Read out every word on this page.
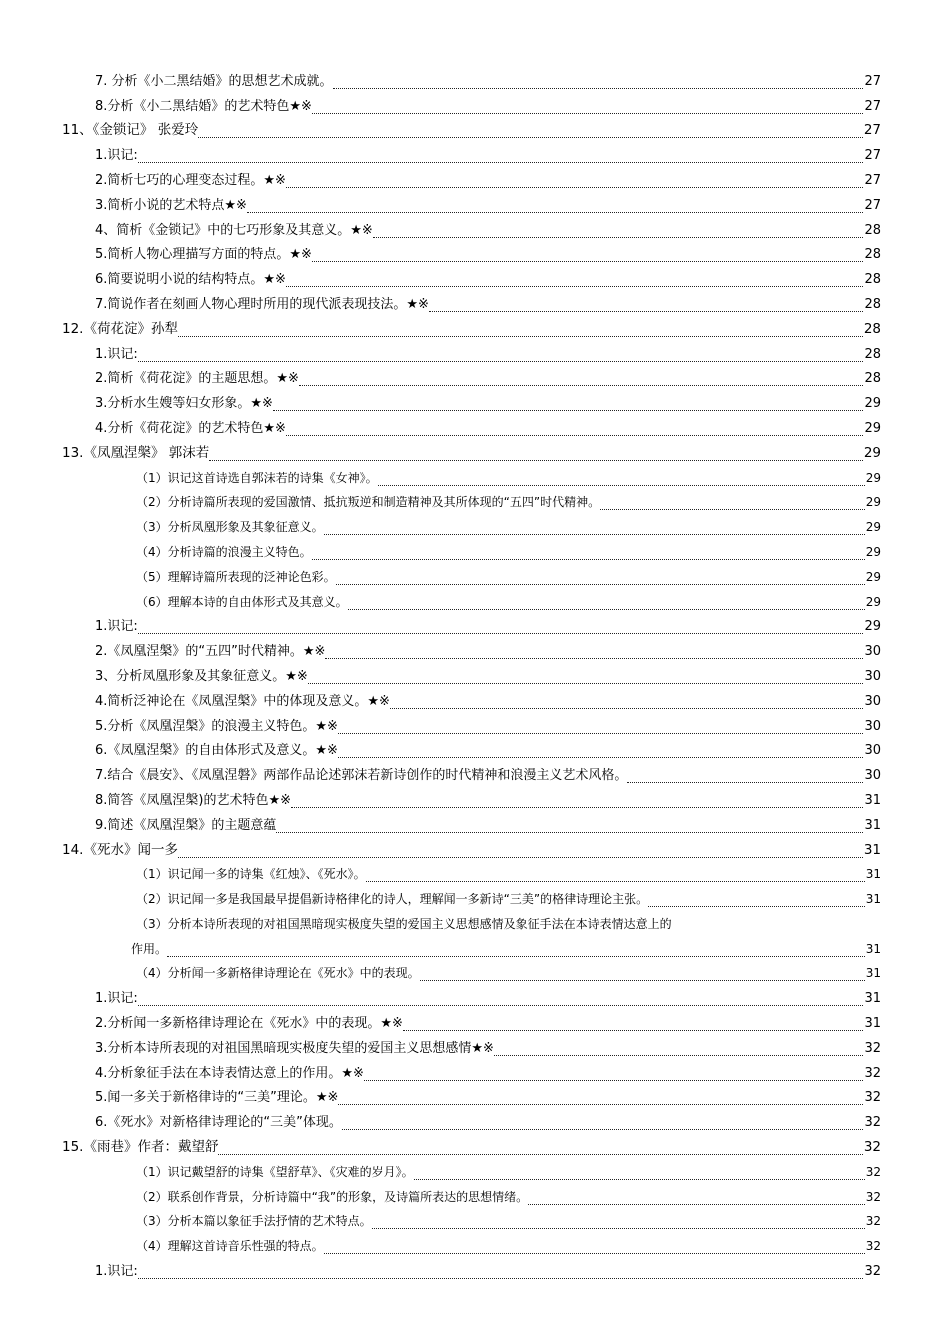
7. 分析《小二黑结婚》的思想艺术成就。	27
8.分析《小二黑结婚》的艺术特色★※	27
11、《金锁记》 张爱玲	27
1.识记:	27
2.简析七巧的心理变态过程。★※	27
3.简析小说的艺术特点★※	27
4、简析《金锁记》中的七巧形象及其意义。★※	28
5.简析人物心理描写方面的特点。★※	28
6.简要说明小说的结构特点。★※	28
7.简说作者在刻画人物心理时所用的现代派表现技法。★※	28
12.《荷花淀》孙犁	28
1.识记:	28
2.简析《荷花淀》的主题思想。★※	28
3.分析水生嫂等妇女形象。★※	29
4.分析《荷花淀》的艺术特色★※	29
13.《凤凰涅槃》 郭沫若	29
（1）识记这首诗选自郭沫若的诗集《女神》。	29
（2）分析诗篇所表现的爱国激情、抵抗叛逆和制造精神及其所体现的“五四”时代精神。	29
（3）分析凤凰形象及其象征意义。	29
（4）分析诗篇的浪漫主义特色。	29
（5）理解诗篇所表现的泛神论色彩。	29
（6）理解本诗的自由体形式及其意义。	29
1.识记:	29
2.《凤凰涅槃》的“五四”时代精神。★※	30
3、分析凤凰形象及其象征意义。★※	30
4.简析泛神论在《凤凰涅槃》中的体现及意义。★※	30
5.分析《凤凰涅槃》的浪漫主义特色。★※	30
6.《凤凰涅槃》的自由体形式及意义。★※	30
7.结合《晨安》、《凤凰涅磐》两部作品论述郭沫若新诗创作的时代精神和浪漫主义艺术风格。	30
8.简答《凤凰涅槃)的艺术特色★※	31
9.简述《凤凰涅槃》的主题意蕴	31
14.《死水》闻一多	31
（1）识记闻一多的诗集《红烛》、《死水》。	31
（2）识记闻一多是我国最早提倡新诗格律化的诗人，理解闻一多新诗“三美”的格律诗理论主张。	31
（3）分析本诗所表现的对祖国黑暗现实极度失望的爱国主义思想感情及象征手法在本诗表情达意上的
作用。	31
（4）分析闻一多新格律诗理论在《死水》中的表现。	31
1.识记:	31
2.分析闻一多新格律诗理论在《死水》中的表现。★※	31
3.分析本诗所表现的对祖国黑暗现实极度失望的爱国主义思想感情★※	32
4.分析象征手法在本诗表情达意上的作用。★※	32
5.闻一多关于新格律诗的“三美”理论。★※	32
6.《死水》对新格律诗理论的“三美”体现。	32
15.《雨巷》作者：戴望舒	32
（1）识记戴望舒的诗集《望舒草》、《灾难的岁月》。	32
（2）联系创作背景，分析诗篇中“我”的形象，及诗篇所表达的思想情绪。	32
（3）分析本篇以象征手法抒情的艺术特点。	32
（4）理解这首诗音乐性强的特点。	32
1.识记:	32
